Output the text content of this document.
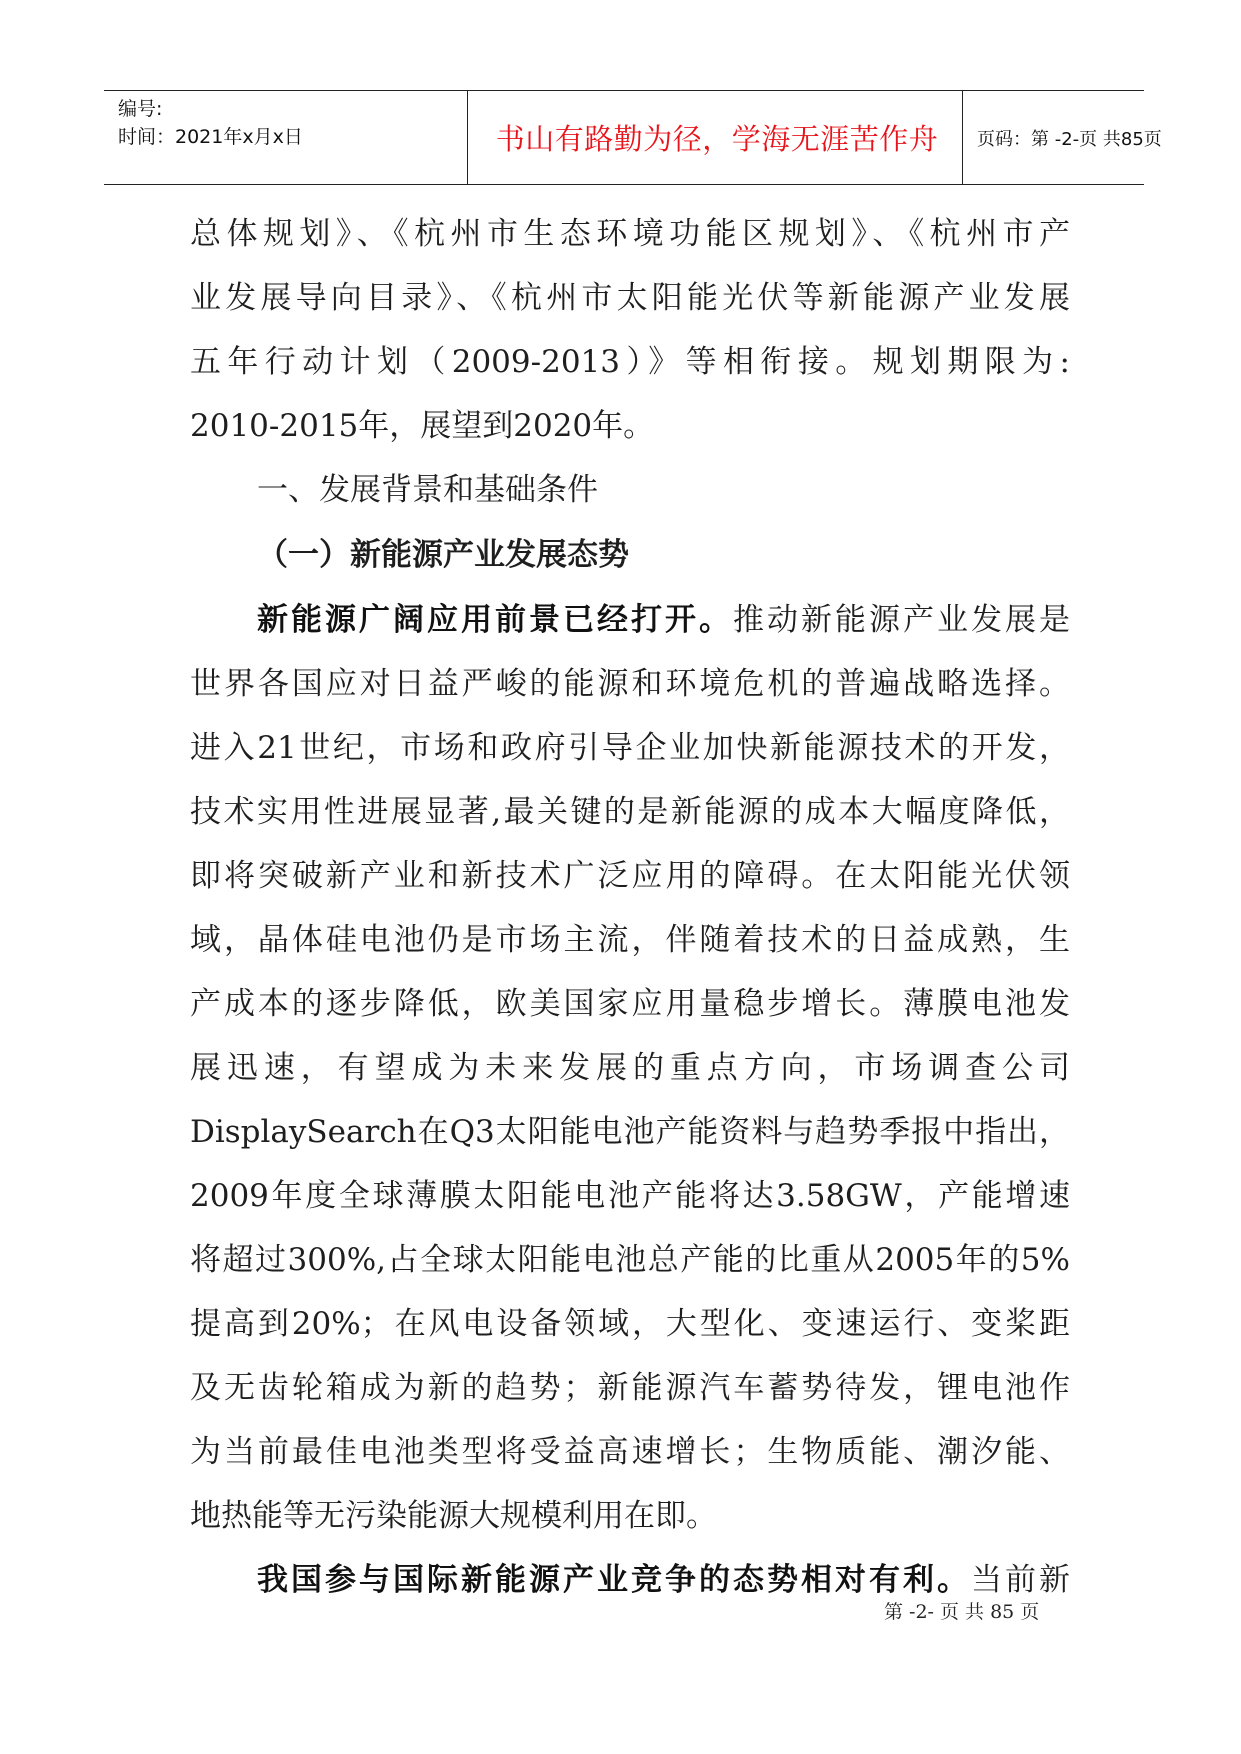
编号:
时间：2021年x月x日	书山有路勤为径，学海无涯苦作舟	页码：第 -2-页 共85页
总体规划》、《杭州市生态环境功能区规划》、《杭州市产
业发展导向目录》、《杭州市太阳能光伏等新能源产业发展
五年行动计划（2009-2013）》等相衔接。规划期限为:
2010-2015年，展望到2020年。
一、发展背景和基础条件
（一）新能源产业发展态势
新能源广阔应用前景已经打开。推动新能源产业发展是
世界各国应对日益严峻的能源和环境危机的普遍战略选择。
进入21世纪，市场和政府引导企业加快新能源技术的开发，
技术实用性进展显著,最关键的是新能源的成本大幅度降低，
即将突破新产业和新技术广泛应用的障碍。在太阳能光伏领
域，晶体硅电池仍是市场主流，伴随着技术的日益成熟，生
产成本的逐步降低，欧美国家应用量稳步增长。薄膜电池发
展迅速，有望成为未来发展的重点方向，市场调查公司
DisplaySearch在Q3太阳能电池产能资料与趋势季报中指出，
2009年度全球薄膜太阳能电池产能将达3.58GW，产能增速
将超过300%,占全球太阳能电池总产能的比重从2005年的5%
提高到20%；在风电设备领域，大型化、变速运行、变桨距
及无齿轮箱成为新的趋势；新能源汽车蓄势待发，锂电池作
为当前最佳电池类型将受益高速增长；生物质能、潮汐能、
地热能等无污染能源大规模利用在即。
我国参与国际新能源产业竞争的态势相对有利。当前新
第 -2- 页 共 85 页
